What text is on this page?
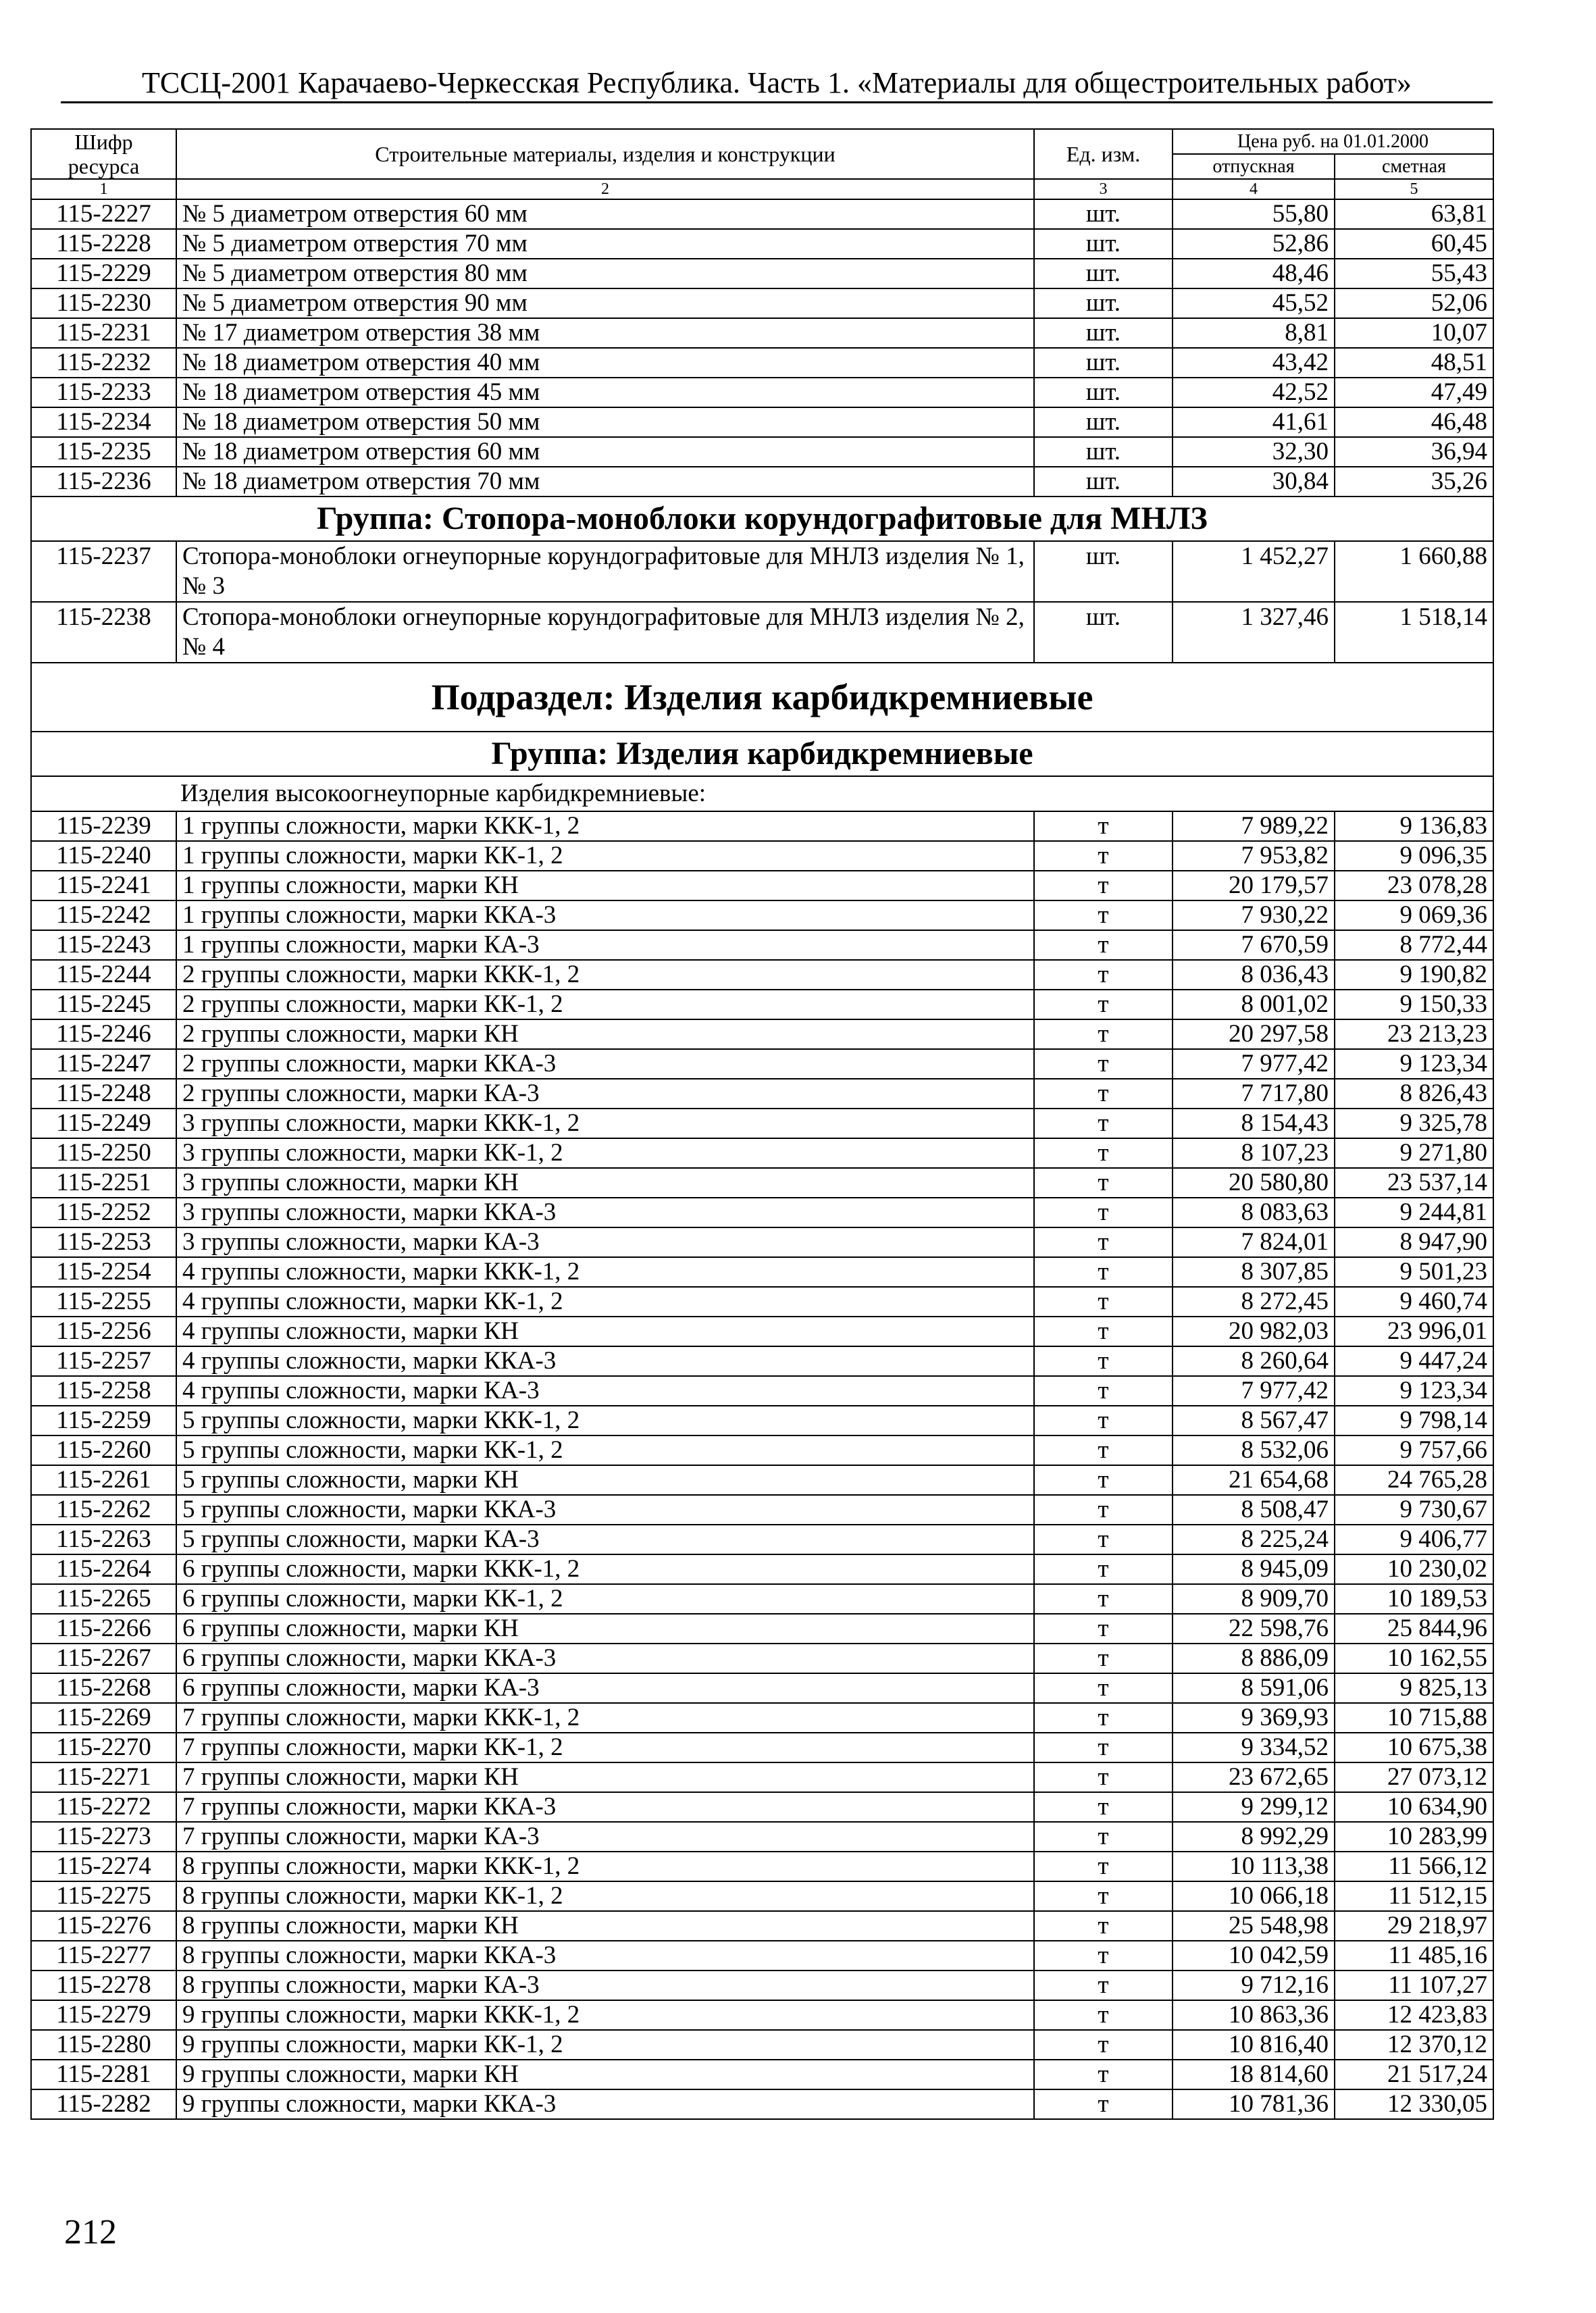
ТССЦ-2001 Карачаево-Черкесская Республика. Часть 1. «Материалы для общестроительных работ»
Шифр ресурса	Строительные материалы, изделия и конструкции	Ед. изм.	Цена руб. на 01.01.2000	
			отпускная	сметная
1	2	3	4	5
115-2227	№ 5 диаметром отверстия 60 мм	шт.	55,80	63,81
115-2228	№ 5 диаметром отверстия 70 мм	шт.	52,86	60,45
115-2229	№ 5 диаметром отверстия 80 мм	шт.	48,46	55,43
115-2230	№ 5 диаметром отверстия 90 мм	шт.	45,52	52,06
115-2231	№ 17 диаметром отверстия 38 мм	шт.	8,81	10,07
115-2232	№ 18 диаметром отверстия 40 мм	шт.	43,42	48,51
115-2233	№ 18 диаметром отверстия 45 мм	шт.	42,52	47,49
115-2234	№ 18 диаметром отверстия 50 мм	шт.	41,61	46,48
115-2235	№ 18 диаметром отверстия 60 мм	шт.	32,30	36,94
115-2236	№ 18 диаметром отверстия 70 мм	шт.	30,84	35,26
Группа: Стопора-моноблоки корундографитовые для МНЛЗ				
115-2237	Стопора-моноблоки огнеупорные корундографитовые для МНЛЗ изделия № 1, № 3	шт.	1 452,27	1 660,88
115-2238	Стопора-моноблоки огнеупорные корундографитовые для МНЛЗ изделия № 2, № 4	шт.	1 327,46	1 518,14
Подраздел: Изделия карбидкремниевые				
Группа: Изделия карбидкремниевые				
Изделия высокоогнеупорные карбидкремниевые:				
115-2239	1 группы сложности, марки ККК-1, 2	т	7 989,22	9 136,83
115-2240	1 группы сложности, марки КК-1, 2	т	7 953,82	9 096,35
115-2241	1 группы сложности, марки КН	т	20 179,57	23 078,28
115-2242	1 группы сложности, марки ККА-3	т	7 930,22	9 069,36
115-2243	1 группы сложности, марки КА-3	т	7 670,59	8 772,44
115-2244	2 группы сложности, марки ККК-1, 2	т	8 036,43	9 190,82
115-2245	2 группы сложности, марки КК-1, 2	т	8 001,02	9 150,33
115-2246	2 группы сложности, марки КН	т	20 297,58	23 213,23
115-2247	2 группы сложности, марки ККА-3	т	7 977,42	9 123,34
115-2248	2 группы сложности, марки КА-3	т	7 717,80	8 826,43
115-2249	3 группы сложности, марки ККК-1, 2	т	8 154,43	9 325,78
115-2250	3 группы сложности, марки КК-1, 2	т	8 107,23	9 271,80
115-2251	3 группы сложности, марки КН	т	20 580,80	23 537,14
115-2252	3 группы сложности, марки ККА-3	т	8 083,63	9 244,81
115-2253	3 группы сложности, марки КА-3	т	7 824,01	8 947,90
115-2254	4 группы сложности, марки ККК-1, 2	т	8 307,85	9 501,23
115-2255	4 группы сложности, марки КК-1, 2	т	8 272,45	9 460,74
115-2256	4 группы сложности, марки КН	т	20 982,03	23 996,01
115-2257	4 группы сложности, марки ККА-3	т	8 260,64	9 447,24
115-2258	4 группы сложности, марки КА-3	т	7 977,42	9 123,34
115-2259	5 группы сложности, марки ККК-1, 2	т	8 567,47	9 798,14
115-2260	5 группы сложности, марки КК-1, 2	т	8 532,06	9 757,66
115-2261	5 группы сложности, марки КН	т	21 654,68	24 765,28
115-2262	5 группы сложности, марки ККА-3	т	8 508,47	9 730,67
115-2263	5 группы сложности, марки КА-3	т	8 225,24	9 406,77
115-2264	6 группы сложности, марки ККК-1, 2	т	8 945,09	10 230,02
115-2265	6 группы сложности, марки КК-1, 2	т	8 909,70	10 189,53
115-2266	6 группы сложности, марки КН	т	22 598,76	25 844,96
115-2267	6 группы сложности, марки ККА-3	т	8 886,09	10 162,55
115-2268	6 группы сложности, марки КА-3	т	8 591,06	9 825,13
115-2269	7 группы сложности, марки ККК-1, 2	т	9 369,93	10 715,88
115-2270	7 группы сложности, марки КК-1, 2	т	9 334,52	10 675,38
115-2271	7 группы сложности, марки КН	т	23 672,65	27 073,12
115-2272	7 группы сложности, марки ККА-3	т	9 299,12	10 634,90
115-2273	7 группы сложности, марки КА-3	т	8 992,29	10 283,99
115-2274	8 группы сложности, марки ККК-1, 2	т	10 113,38	11 566,12
115-2275	8 группы сложности, марки КК-1, 2	т	10 066,18	11 512,15
115-2276	8 группы сложности, марки КН	т	25 548,98	29 218,97
115-2277	8 группы сложности, марки ККА-3	т	10 042,59	11 485,16
115-2278	8 группы сложности, марки КА-3	т	9 712,16	11 107,27
115-2279	9 группы сложности, марки ККК-1, 2	т	10 863,36	12 423,83
115-2280	9 группы сложности, марки КК-1, 2	т	10 816,40	12 370,12
115-2281	9 группы сложности, марки КН	т	18 814,60	21 517,24
115-2282	9 группы сложности, марки ККА-3	т	10 781,36	12 330,05
212
